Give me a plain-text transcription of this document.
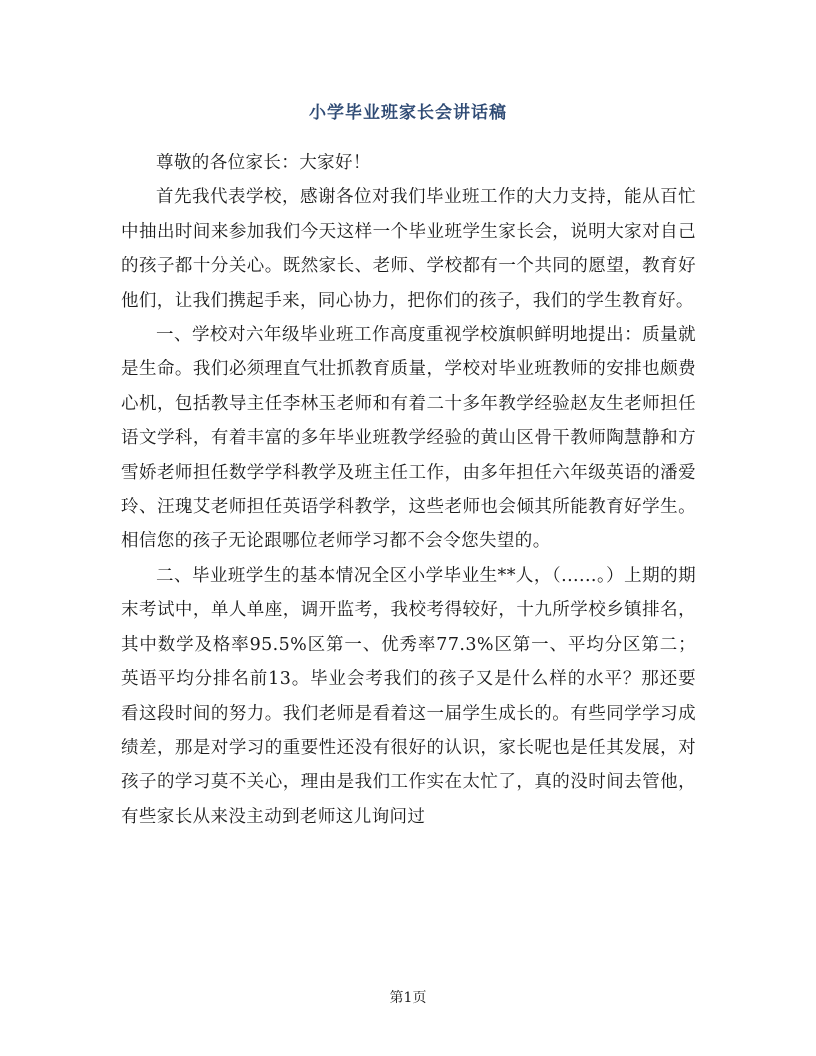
小学毕业班家长会讲话稿

尊敬的各位家长：大家好！

首先我代表学校，感谢各位对我们毕业班工作的大力支持，能从百忙中抽出时间来参加我们今天这样一个毕业班学生家长会，说明大家对自己的孩子都十分关心。既然家长、老师、学校都有一个共同的愿望，教育好他们，让我们携起手来，同心协力，把你们的孩子，我们的学生教育好。

一、学校对六年级毕业班工作高度重视学校旗帜鲜明地提出：质量就是生命。我们必须理直气壮抓教育质量，学校对毕业班教师的安排也颇费心机，包括教导主任李林玉老师和有着二十多年教学经验赵友生老师担任语文学科，有着丰富的多年毕业班教学经验的黄山区骨干教师陶慧静和方雪娇老师担任数学学科教学及班主任工作，由多年担任六年级英语的潘爱玲、汪瑰艾老师担任英语学科教学，这些老师也会倾其所能教育好学生。相信您的孩子无论跟哪位老师学习都不会令您失望的。

二、毕业班学生的基本情况全区小学毕业生**人，（......。）上期的期末考试中，单人单座，调开监考，我校考得较好，十九所学校乡镇排名，其中数学及格率95.5%区第一、优秀率77.3%区第一、平均分区第二；英语平均分排名前13。毕业会考我们的孩子又是什么样的水平？那还要看这段时间的努力。我们老师是看着这一届学生成长的。有些同学学习成绩差，那是对学习的重要性还没有很好的认识，家长呢也是任其发展，对孩子的学习莫不关心，理由是我们工作实在太忙了，真的没时间去管他，有些家长从来没主动到老师这儿询问过

第1页
